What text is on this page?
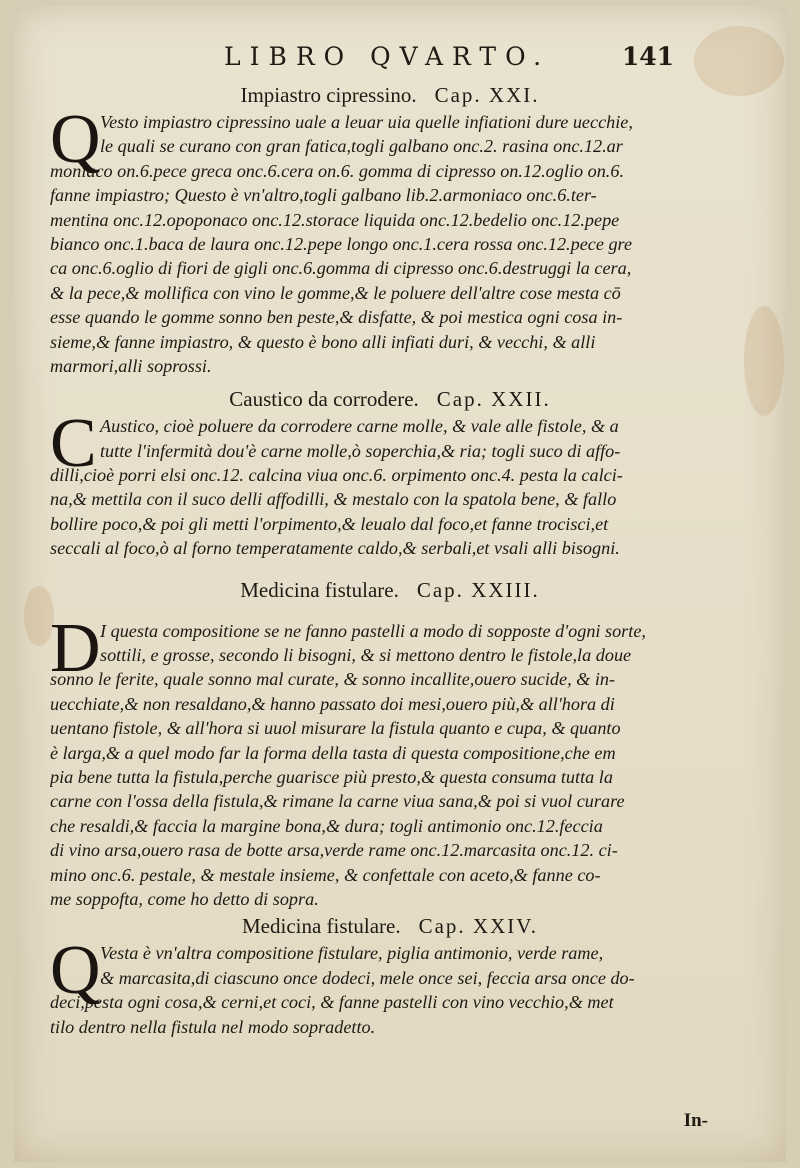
LIBRO QVARTO.	141
Impiastro cipressino. Cap. XXI.
Q Vesto impiastro cipressino uale a leuar uia quelle infiationi dure uecchie,
le quali se curano con gran fatica,togli galbano onc.2. rasina onc.12.ar
moniaco on.6.pece greca onc.6.cera on.6. gomma di cipresso on.12.oglio on.6.
fanne impiastro; Questo è vn'altro,togli galbano lib.2.armoniaco onc.6.ter-
mentina onc.12.opoponaco onc.12.storace liquida onc.12.bedelio onc.12.pepe
bianco onc.1.baca de laura onc.12.pepe longo onc.1.cera rossa onc.12.pece gre
ca onc.6.oglio di fiori de gigli onc.6.gomma di cipresso onc.6.destruggi la cera,
& la pece,& mollifica con vino le gomme,& le poluere dell'altre cose mesta cō
esse quando le gomme sonno ben peste,& disfatte, & poi mestica ogni cosa in-
sieme,& fanne impiastro, & questo è bono alli infiati duri, & vecchi, & alli
marmori,alli soprossi.
Caustico da corrodere. Cap. XXII.
C Austico, cioè poluere da corrodere carne molle, & vale alle fistole, & a
tutte l'infermità dou'è carne molle,ò soperchia,& ria; togli suco di affo-
dilli,cioè porri elsi onc.12. calcina viua onc.6. orpimento onc.4. pesta la calci-
na,& mettila con il suco delli affodilli, & mestalo con la spatola bene, & fallo
bollire poco,& poi gli metti l'orpimento,& leualo dal foco,et fanne trocisci,et
seccali al foco,ò al forno temperatamente caldo,& serbali,et vsali alli bisogni.
Medicina fistulare. Cap. XXIII.
D I questa compositione se ne fanno pastelli a modo di sopposte d'ogni sorte,
sottili, e grosse, secondo li bisogni, & si mettono dentro le fistole,la doue
sonno le ferite, quale sonno mal curate, & sonno incallite,ouero sucide, & in-
uecchiate,& non resaldano,& hanno passato doi mesi,ouero più,& all'hora di
uentano fistole, & all'hora si uuol misurare la fistula quanto e cupa, & quanto
è larga,& a quel modo far la forma della tasta di questa compositione,che em
pia bene tutta la fistula,perche guarisce più presto,& questa consuma tutta la
carne con l'ossa della fistula,& rimane la carne viua sana,& poi si vuol curare
che resaldi,& faccia la margine bona,& dura; togli antimonio onc.12.feccia
di vino arsa,ouero rasa de botte arsa,verde rame onc.12.marcasita onc.12. ci-
mino onc.6. pestale, & mestale insieme, & confettale con aceto,& fanne co-
me soppofta, come ho detto di sopra.
Medicina fistulare. Cap. XXIV.
Q Vesta è vn'altra compositione fistulare, piglia antimonio, verde rame,
& marcasita,di ciascuno once dodeci, mele once sei, feccia arsa once do-
deci,pesta ogni cosa,& cerni,et coci, & fanne pastelli con vino vecchio,& met
tilo dentro nella fistula nel modo sopradetto.
In-
